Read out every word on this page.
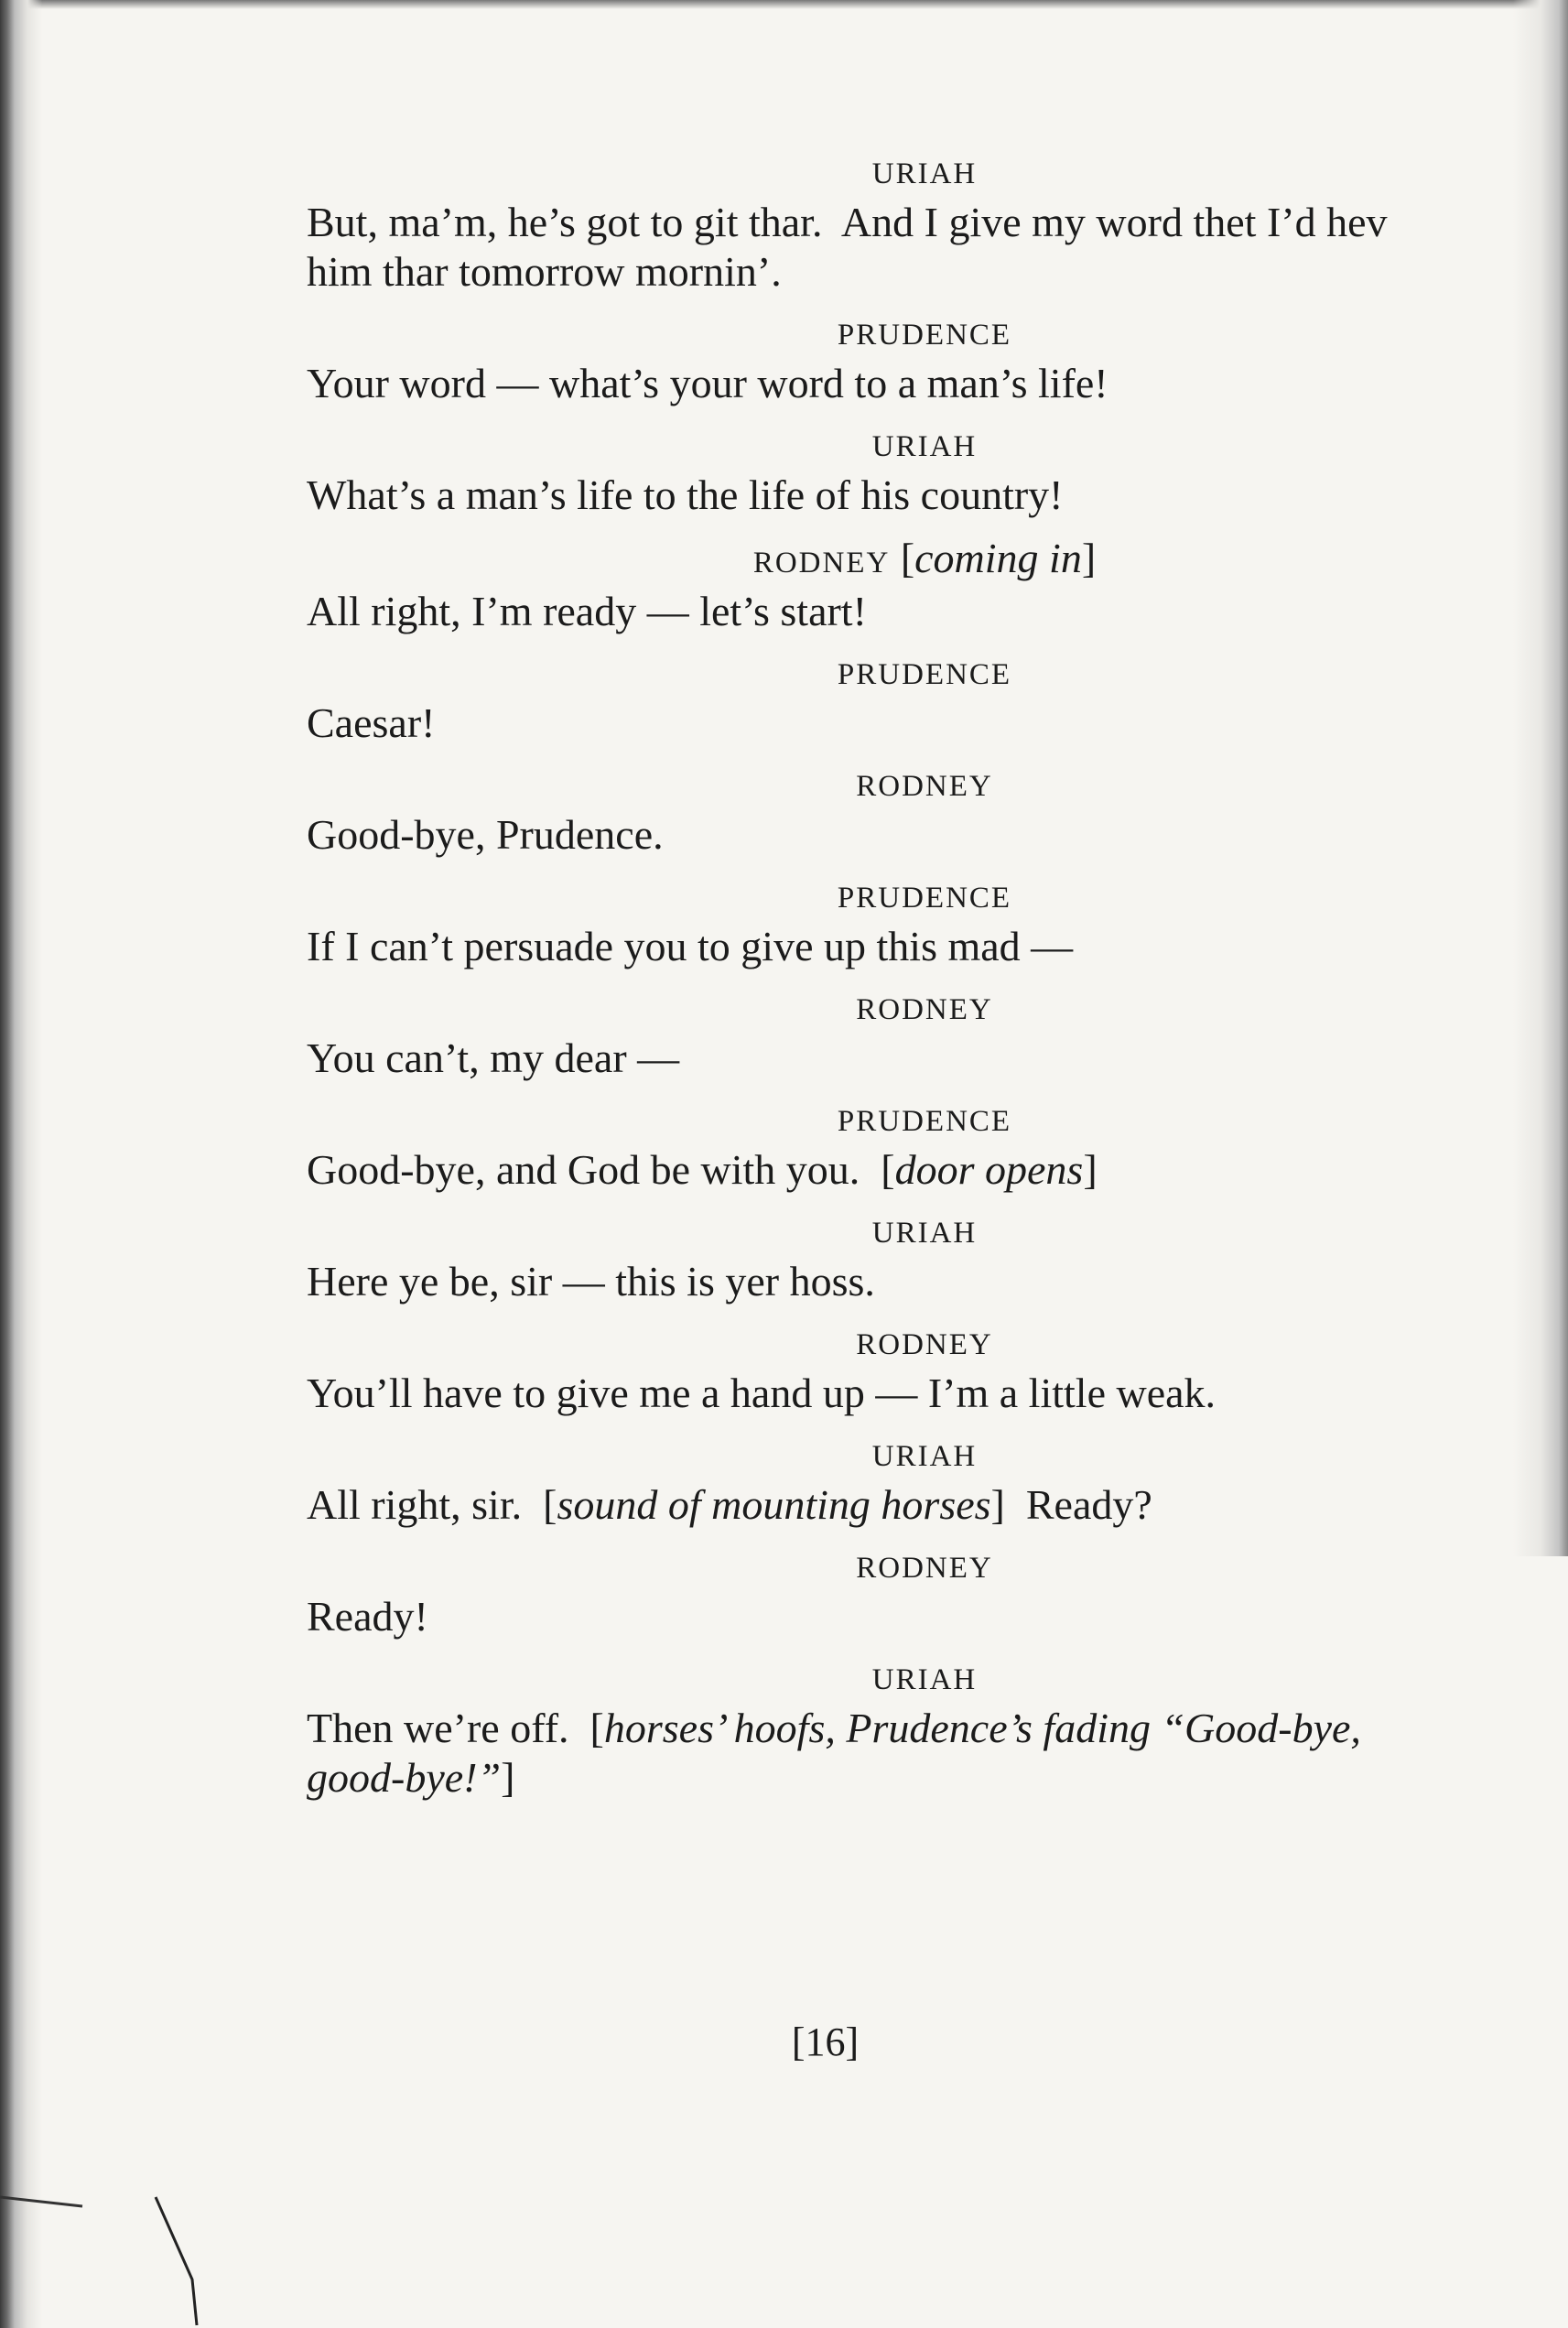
URIAH
But, ma’m, he’s got to git thar.  And I give my word thet I’d hev him thar tomorrow mornin’.
PRUDENCE
Your word — what’s your word to a man’s life!
URIAH
What’s a man’s life to the life of his country!
RODNEY [coming in]
All right, I’m ready — let’s start!
PRUDENCE
Caesar!
RODNEY
Good-bye, Prudence.
PRUDENCE
If I can’t persuade you to give up this mad —
RODNEY
You can’t, my dear —
PRUDENCE
Good-bye, and God be with you.  [door opens]
URIAH
Here ye be, sir — this is yer hoss.
RODNEY
You’ll have to give me a hand up — I’m a little weak.
URIAH
All right, sir.  [sound of mounting horses]  Ready?
RODNEY
Ready!
URIAH
Then we’re off.  [horses’ hoofs, Prudence’s fading “Good-bye, good-bye!”]
[16]
